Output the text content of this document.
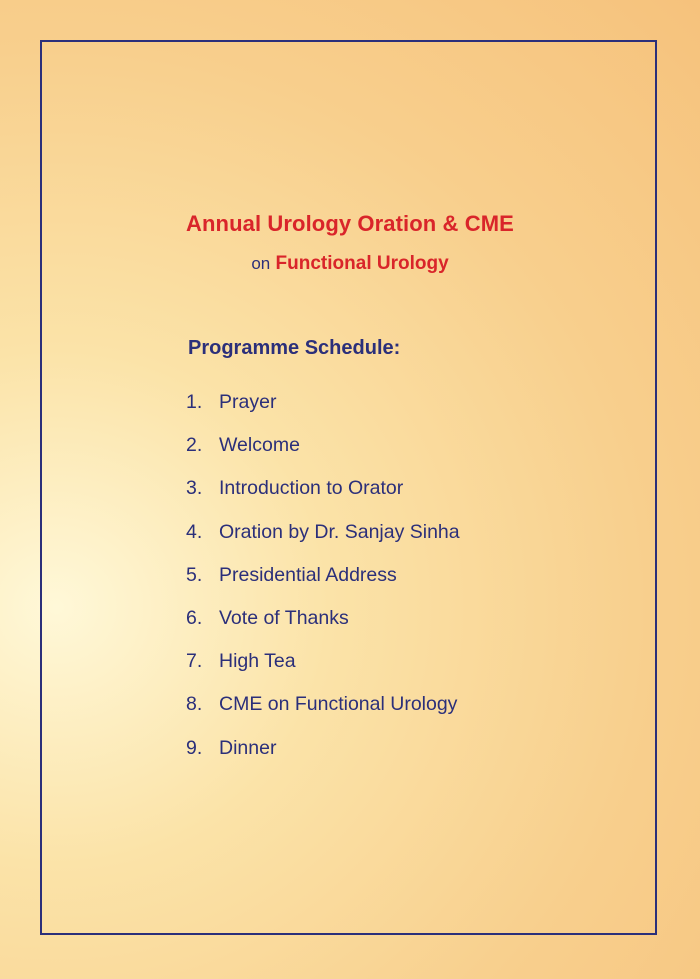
Annual Urology Oration & CME
on Functional Urology
Programme Schedule:
1. Prayer
2. Welcome
3. Introduction to Orator
4. Oration by Dr. Sanjay Sinha
5. Presidential Address
6. Vote of Thanks
7. High Tea
8. CME on Functional Urology
9. Dinner
